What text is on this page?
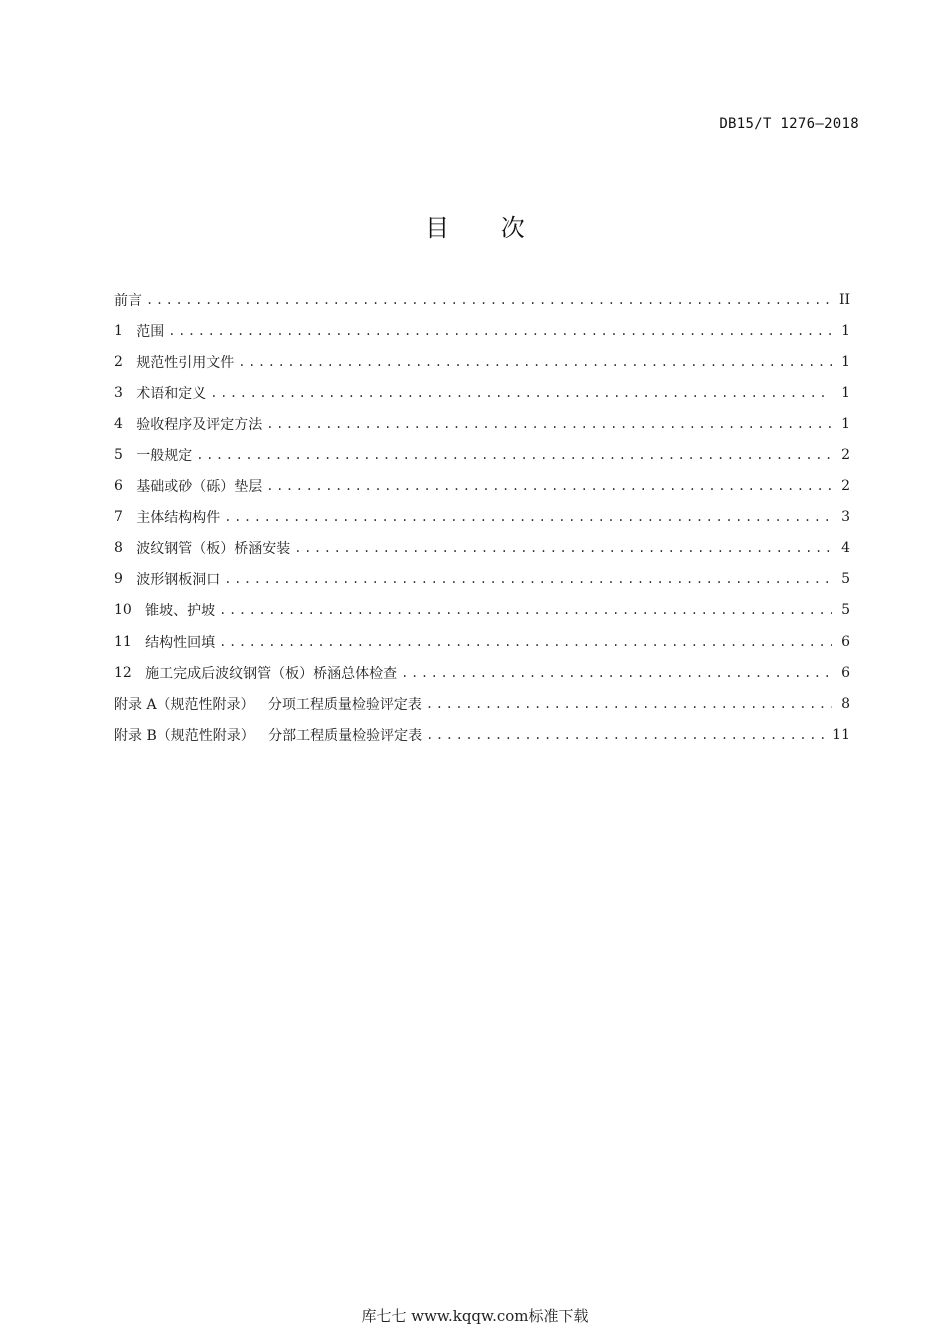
DB15/T 1276—2018
目 次
前言 .....	II
1 范围 .....	1
2 规范性引用文件 .....	1
3 术语和定义 .....	1
4 验收程序及评定方法 .....	1
5 一般规定 .....	2
6 基础或砂（砾）垫层 .....	2
7 主体结构构件 .....	3
8 波纹钢管（板）桥涵安装 .....	4
9 波形钢板洞口 .....	5
10 锥坡、护坡 .....	5
11 结构性回填 .....	6
12 施工完成后波纹钢管（板）桥涵总体检查 .....	6
附录 A（规范性附录）   分项工程质量检验评定表 .....	8
附录 B（规范性附录）   分部工程质量检验评定表 .....	11
库七七 www.kqqw.com标准下载
